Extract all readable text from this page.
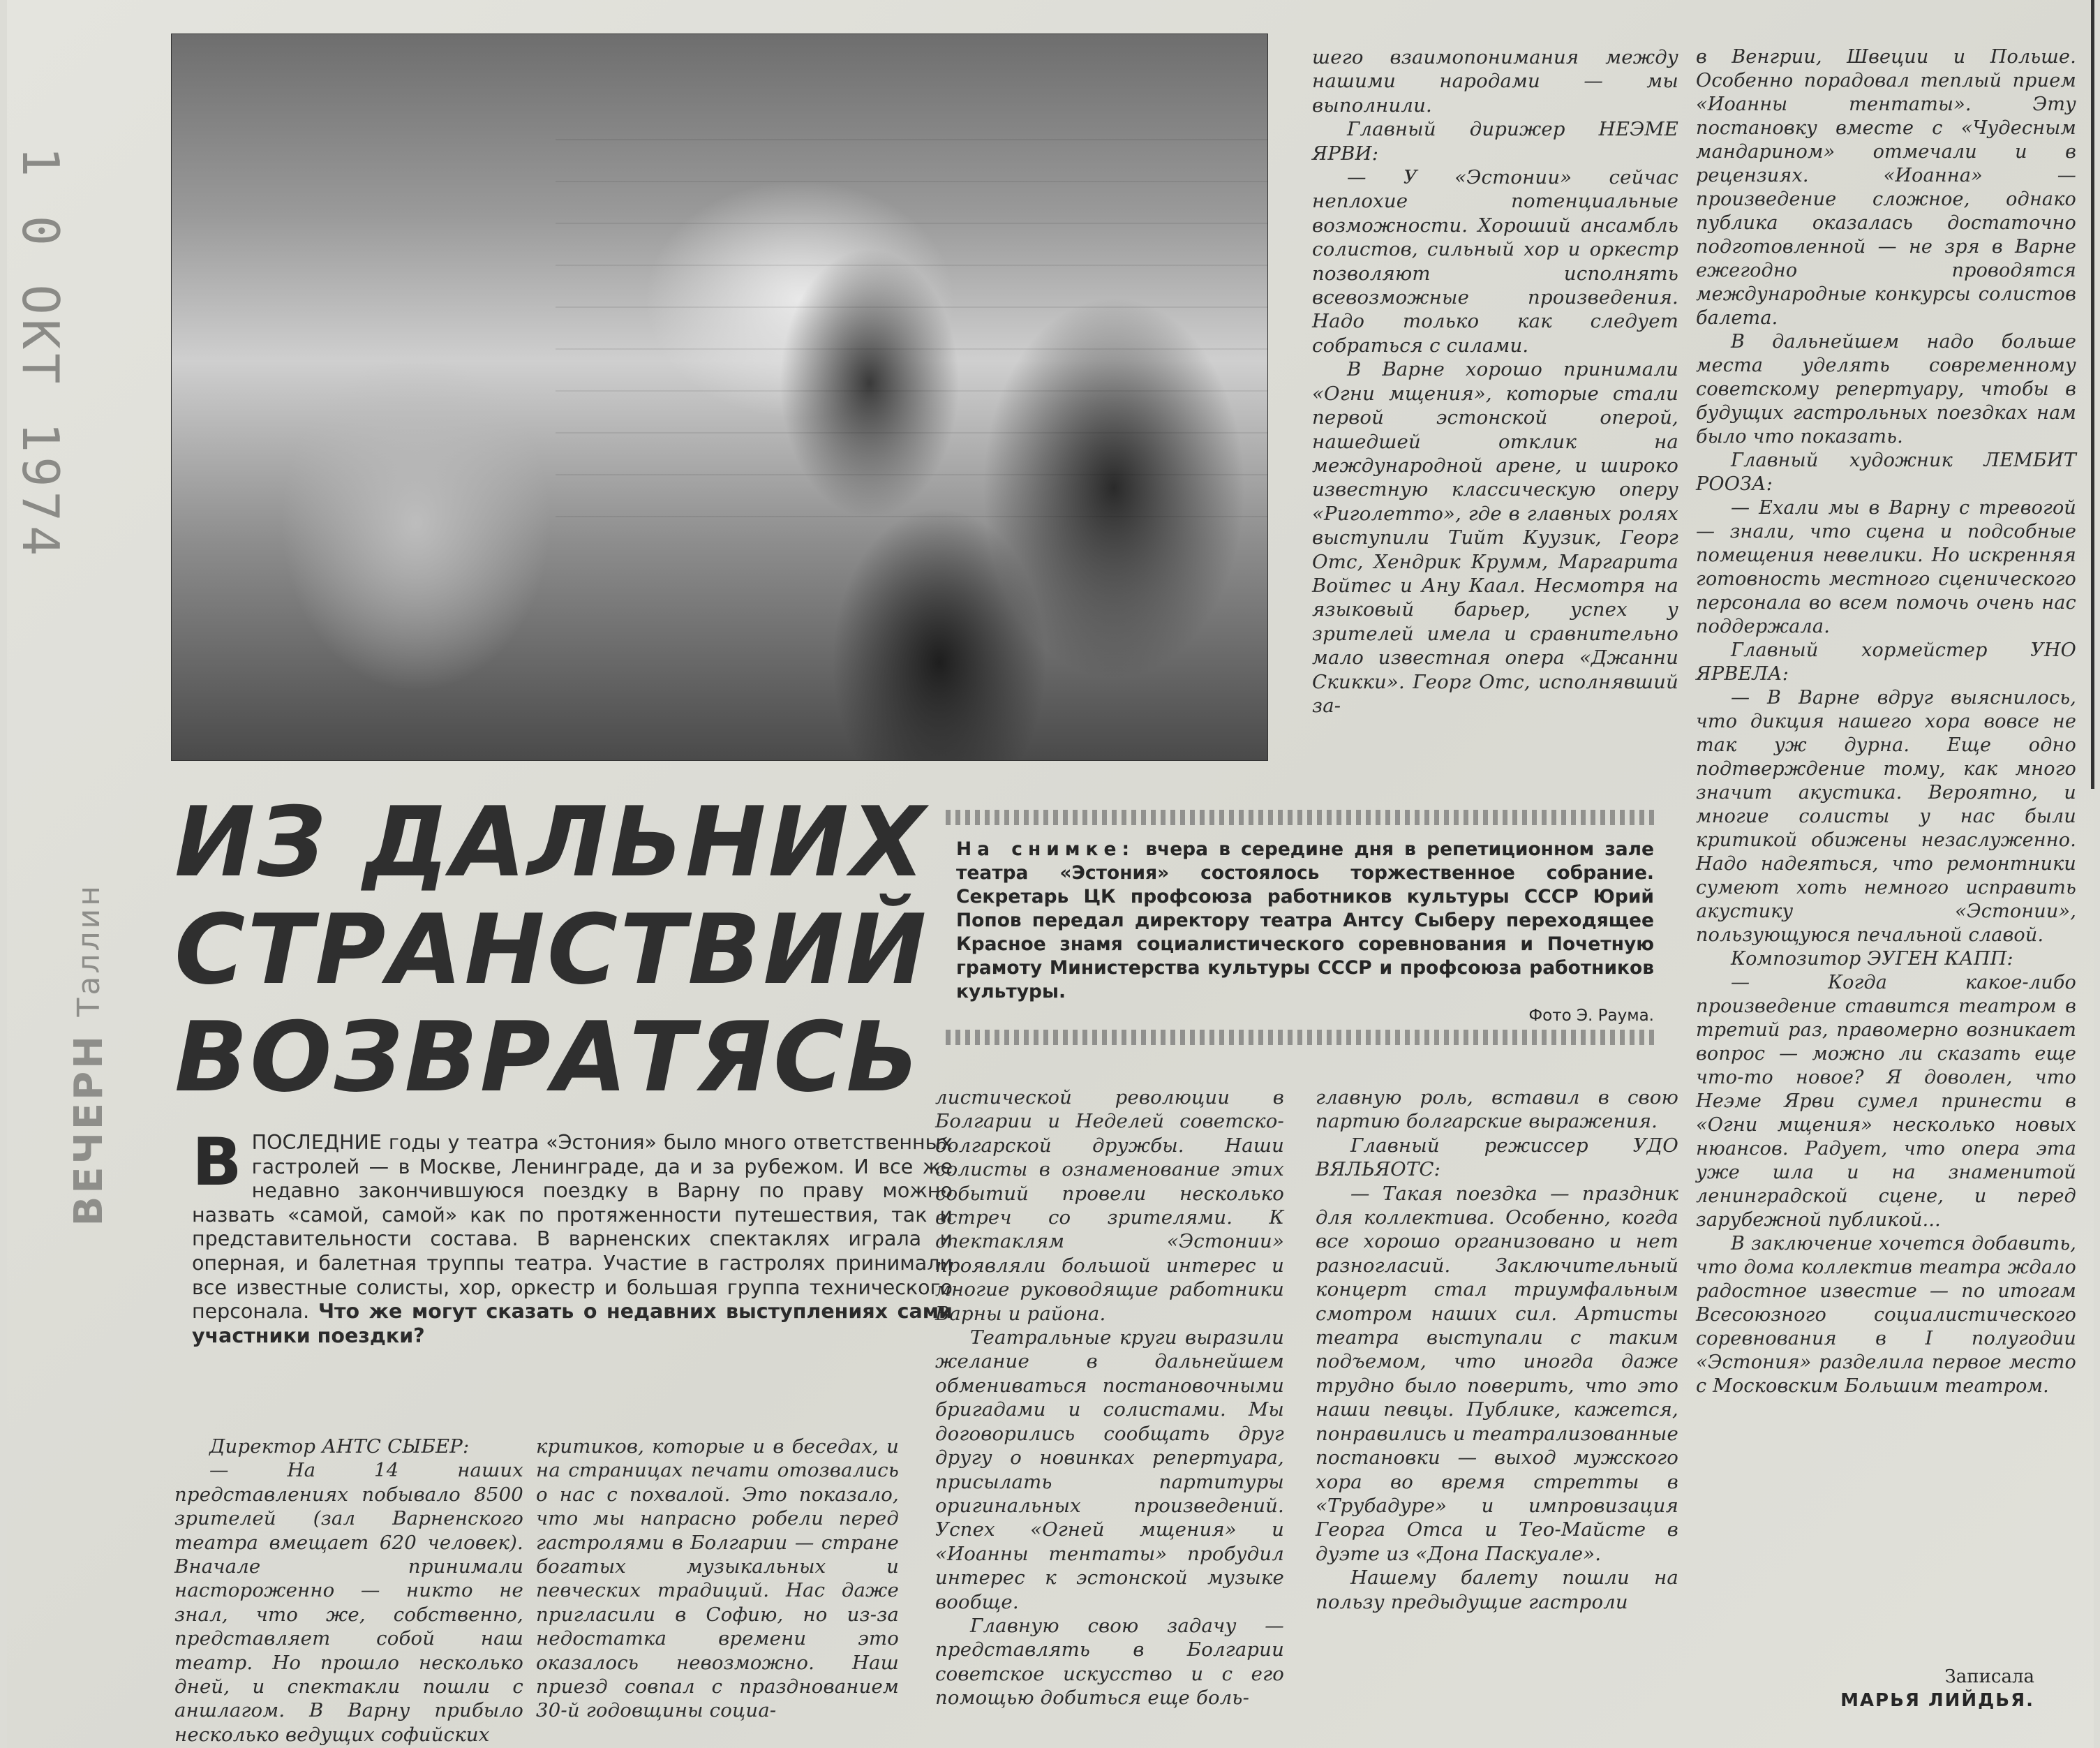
1 0 ОКТ 1974
ВЕЧЕРН Таллин
ИЗ ДАЛЬНИХ
СТРАНСТВИЙ
ВОЗВРАТЯСЬ
На снимке: вчера в середине дня в репетиционном зале театра «Эстония» состоялось торжественное собрание. Секретарь ЦК профсоюза работников культуры СССР Юрий Попов передал директору театра Антсу Сыберу переходящее Красное знамя социалистического соревнования и Почетную грамоту Министерства культуры СССР и профсоюза работников культуры.
Фото Э. Раума.
В ПОСЛЕДНИЕ годы у театра «Эстония» было много ответственных гастролей — в Москве, Ленинграде, да и за рубежом. И все же недавно закончившуюся поездку в Варну по праву можно назвать «самой, самой» как по протяженности путешествия, так и представительности состава. В варненских спектаклях играла и оперная, и балетная труппы театра. Участие в гастролях принимали все известные солисты, хор, оркестр и большая группа технического персонала. Что же могут сказать о недавних выступлениях сами участники поездки?

Директор АНТС СЫБЕР:

— На 14 наших представлениях побывало 8500 зрителей (зал Варненского театра вмещает 620 человек). Вначале принимали настороженно — никто не знал, что же, собственно, представляет собой наш театр. Но прошло несколько дней, и спектакли пошли с аншлагом. В Варну прибыло несколько ведущих софийских

критиков, которые и в беседах, и на страницах печати отозвались о нас с похвалой. Это показало, что мы напрасно робели перед гастролями в Болгарии — стране богатых музыкальных и певческих традиций. Нас даже пригласили в Софию, но из-за недостатка времени это оказалось невозможно. Наш приезд совпал с празднованием 30-й годовщины социа-

листической революции в Болгарии и Неделей советско-болгарской дружбы. Наши солисты в ознаменование этих событий провели несколько встреч со зрителями. К спектаклям «Эстонии» проявляли большой интерес и многие руководящие работники Варны и района.

Театральные круги выразили желание в дальнейшем обмениваться постановочными бригадами и солистами. Мы договорились сообщать друг другу о новинках репертуара, присылать партитуры оригинальных произведений. Успех «Огней мщения» и «Иоанны тентаты» пробудил интерес к эстонской музыке вообще.

Главную свою задачу — представлять в Болгарии советское искусство и с его помощью добиться еще боль-

шего взаимопонимания между нашими народами — мы выполнили.

Главный дирижер НЕЭМЕ ЯРВИ:

— У «Эстонии» сейчас неплохие потенциальные возможности. Хороший ансамбль солистов, сильный хор и оркестр позволяют исполнять всевозможные произведения. Надо только как следует собраться с силами.

В Варне хорошо принимали «Огни мщения», которые стали первой эстонской оперой, нашедшей отклик на международной арене, и широко известную классическую оперу «Риголетто», где в главных ролях выступили Тийт Куузик, Георг Отс, Хендрик Крумм, Маргарита Войтес и Ану Каал. Несмотря на языковый барьер, успех у зрителей имела и сравнительно мало известная опера «Джанни Скикки». Георг Отс, исполнявший за-

главную роль, вставил в свою партию болгарские выражения.

Главный режиссер УДО ВЯЛЬЯОТС:

— Такая поездка — праздник для коллектива. Особенно, когда все хорошо организовано и нет разногласий. Заключительный концерт стал триумфальным смотром наших сил. Артисты театра выступали с таким подъемом, что иногда даже трудно было поверить, что это наши певцы. Публике, кажется, понравились и театрализованные постановки — выход мужского хора во время стретты в «Трубадуре» и импровизация Георга Отса и Тео-Майсте в дуэте из «Дона Паскуале».

Нашему балету пошли на пользу предыдущие гастроли

в Венгрии, Швеции и Польше. Особенно порадовал теплый прием «Иоанны тентаты». Эту постановку вместе с «Чудесным мандарином» отмечали и в рецензиях. «Иоанна» — произведение сложное, однако публика оказалась достаточно подготовленной — не зря в Варне ежегодно проводятся международные конкурсы солистов балета.

В дальнейшем надо больше места уделять современному советскому репертуару, чтобы в будущих гастрольных поездках нам было что показать.

Главный художник ЛЕМБИТ РООЗА:

— Ехали мы в Варну с тревогой — знали, что сцена и подсобные помещения невелики. Но искренняя готовность местного сценического персонала во всем помочь очень нас поддержала.

Главный хормейстер УНО ЯРВЕЛА:

— В Варне вдруг выяснилось, что дикция нашего хора вовсе не так уж дурна. Еще одно подтверждение тому, как много значит акустика. Вероятно, и многие солисты у нас были критикой обижены незаслуженно. Надо надеяться, что ремонтники сумеют хоть немного исправить акустику «Эстонии», пользующуюся печальной славой.

Композитор ЭУГЕН КАПП:

— Когда какое-либо произведение ставится театром в третий раз, правомерно возникает вопрос — можно ли сказать еще что-то новое? Я доволен, что Неэме Ярви сумел принести в «Огни мщения» несколько новых нюансов. Радует, что опера эта уже шла и на знаменитой ленинградской сцене, и перед зарубежной публикой...

В заключение хочется добавить, что дома коллектив театра ждало радостное известие — по итогам Всесоюзного социалистического соревнования в I полугодии «Эстония» разделила первое место с Московским Большим театром.

Записала
МАРЬЯ ЛИЙДЬЯ.
